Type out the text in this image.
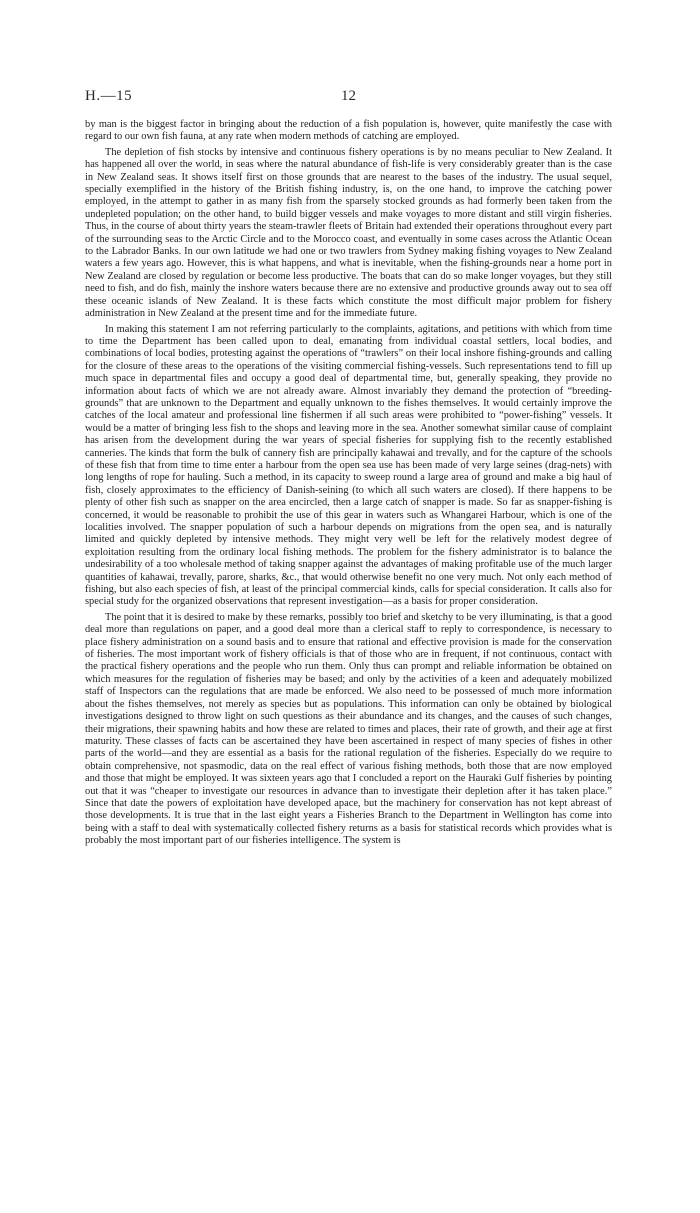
H.—15	12

by man is the biggest factor in bringing about the reduction of a fish population is, however, quite manifestly the case with regard to our own fish fauna, at any rate when modern methods of catching are employed.

The depletion of fish stocks by intensive and continuous fishery operations is by no means peculiar to New Zealand. It has happened all over the world, in seas where the natural abundance of fish-life is very considerably greater than is the case in New Zealand seas. It shows itself first on those grounds that are nearest to the bases of the industry. The usual sequel, specially exemplified in the history of the British fishing industry, is, on the one hand, to improve the catching power employed, in the attempt to gather in as many fish from the sparsely stocked grounds as had formerly been taken from the undepleted population; on the other hand, to build bigger vessels and make voyages to more distant and still virgin fisheries. Thus, in the course of about thirty years the steam-trawler fleets of Britain had extended their operations throughout every part of the surrounding seas to the Arctic Circle and to the Morocco coast, and eventually in some cases across the Atlantic Ocean to the Labrador Banks. In our own latitude we had one or two trawlers from Sydney making fishing voyages to New Zealand waters a few years ago. However, this is what happens, and what is inevitable, when the fishing-grounds near a home port in New Zealand are closed by regulation or become less productive. The boats that can do so make longer voyages, but they still need to fish, and do fish, mainly the inshore waters because there are no extensive and productive grounds away out to sea off these oceanic islands of New Zealand. It is these facts which constitute the most difficult major problem for fishery administration in New Zealand at the present time and for the immediate future.

In making this statement I am not referring particularly to the complaints, agitations, and petitions with which from time to time the Department has been called upon to deal, emanating from individual coastal settlers, local bodies, and combinations of local bodies, protesting against the operations of “trawlers” on their local inshore fishing-grounds and calling for the closure of these areas to the operations of the visiting commercial fishing-vessels. Such representations tend to fill up much space in departmental files and occupy a good deal of departmental time, but, generally speaking, they provide no information about facts of which we are not already aware. Almost invariably they demand the protection of “breeding-grounds” that are unknown to the Department and equally unknown to the fishes themselves. It would certainly improve the catches of the local amateur and professional line fishermen if all such areas were prohibited to “power-fishing” vessels. It would be a matter of bringing less fish to the shops and leaving more in the sea. Another somewhat similar cause of complaint has arisen from the development during the war years of special fisheries for supplying fish to the recently established canneries. The kinds that form the bulk of cannery fish are principally kahawai and trevally, and for the capture of the schools of these fish that from time to time enter a harbour from the open sea use has been made of very large seines (drag-nets) with long lengths of rope for hauling. Such a method, in its capacity to sweep round a large area of ground and make a big haul of fish, closely approximates to the efficiency of Danish-seining (to which all such waters are closed). If there happens to be plenty of other fish such as snapper on the area encircled, then a large catch of snapper is made. So far as snapper-fishing is concerned, it would be reasonable to prohibit the use of this gear in waters such as Whangarei Harbour, which is one of the localities involved. The snapper population of such a harbour depends on migrations from the open sea, and is naturally limited and quickly depleted by intensive methods. They might very well be left for the relatively modest degree of exploitation resulting from the ordinary local fishing methods. The problem for the fishery administrator is to balance the undesirability of a too wholesale method of taking snapper against the advantages of making profitable use of the much larger quantities of kahawai, trevally, parore, sharks, &c., that would otherwise benefit no one very much. Not only each method of fishing, but also each species of fish, at least of the principal commercial kinds, calls for special consideration. It calls also for special study for the organized observations that represent investigation—as a basis for proper consideration.

The point that it is desired to make by these remarks, possibly too brief and sketchy to be very illuminating, is that a good deal more than regulations on paper, and a good deal more than a clerical staff to reply to correspondence, is necessary to place fishery administration on a sound basis and to ensure that rational and effective provision is made for the conservation of fisheries. The most important work of fishery officials is that of those who are in frequent, if not continuous, contact with the practical fishery operations and the people who run them. Only thus can prompt and reliable information be obtained on which measures for the regulation of fisheries may be based; and only by the activities of a keen and adequately mobilized staff of Inspectors can the regulations that are made be enforced. We also need to be possessed of much more information about the fishes themselves, not merely as species but as populations. This information can only be obtained by biological investigations designed to throw light on such questions as their abundance and its changes, and the causes of such changes, their migrations, their spawning habits and how these are related to times and places, their rate of growth, and their age at first maturity. These classes of facts can be ascertained they have been ascertained in respect of many species of fishes in other parts of the world—and they are essential as a basis for the rational regulation of the fisheries. Especially do we require to obtain comprehensive, not spasmodic, data on the real effect of various fishing methods, both those that are now employed and those that might be employed. It was sixteen years ago that I concluded a report on the Hauraki Gulf fisheries by pointing out that it was “cheaper to investigate our resources in advance than to investigate their depletion after it has taken place.” Since that date the powers of exploitation have developed apace, but the machinery for conservation has not kept abreast of those developments. It is true that in the last eight years a Fisheries Branch to the Department in Wellington has come into being with a staff to deal with systematically collected fishery returns as a basis for statistical records which provides what is probably the most important part of our fisheries intelligence. The system is
